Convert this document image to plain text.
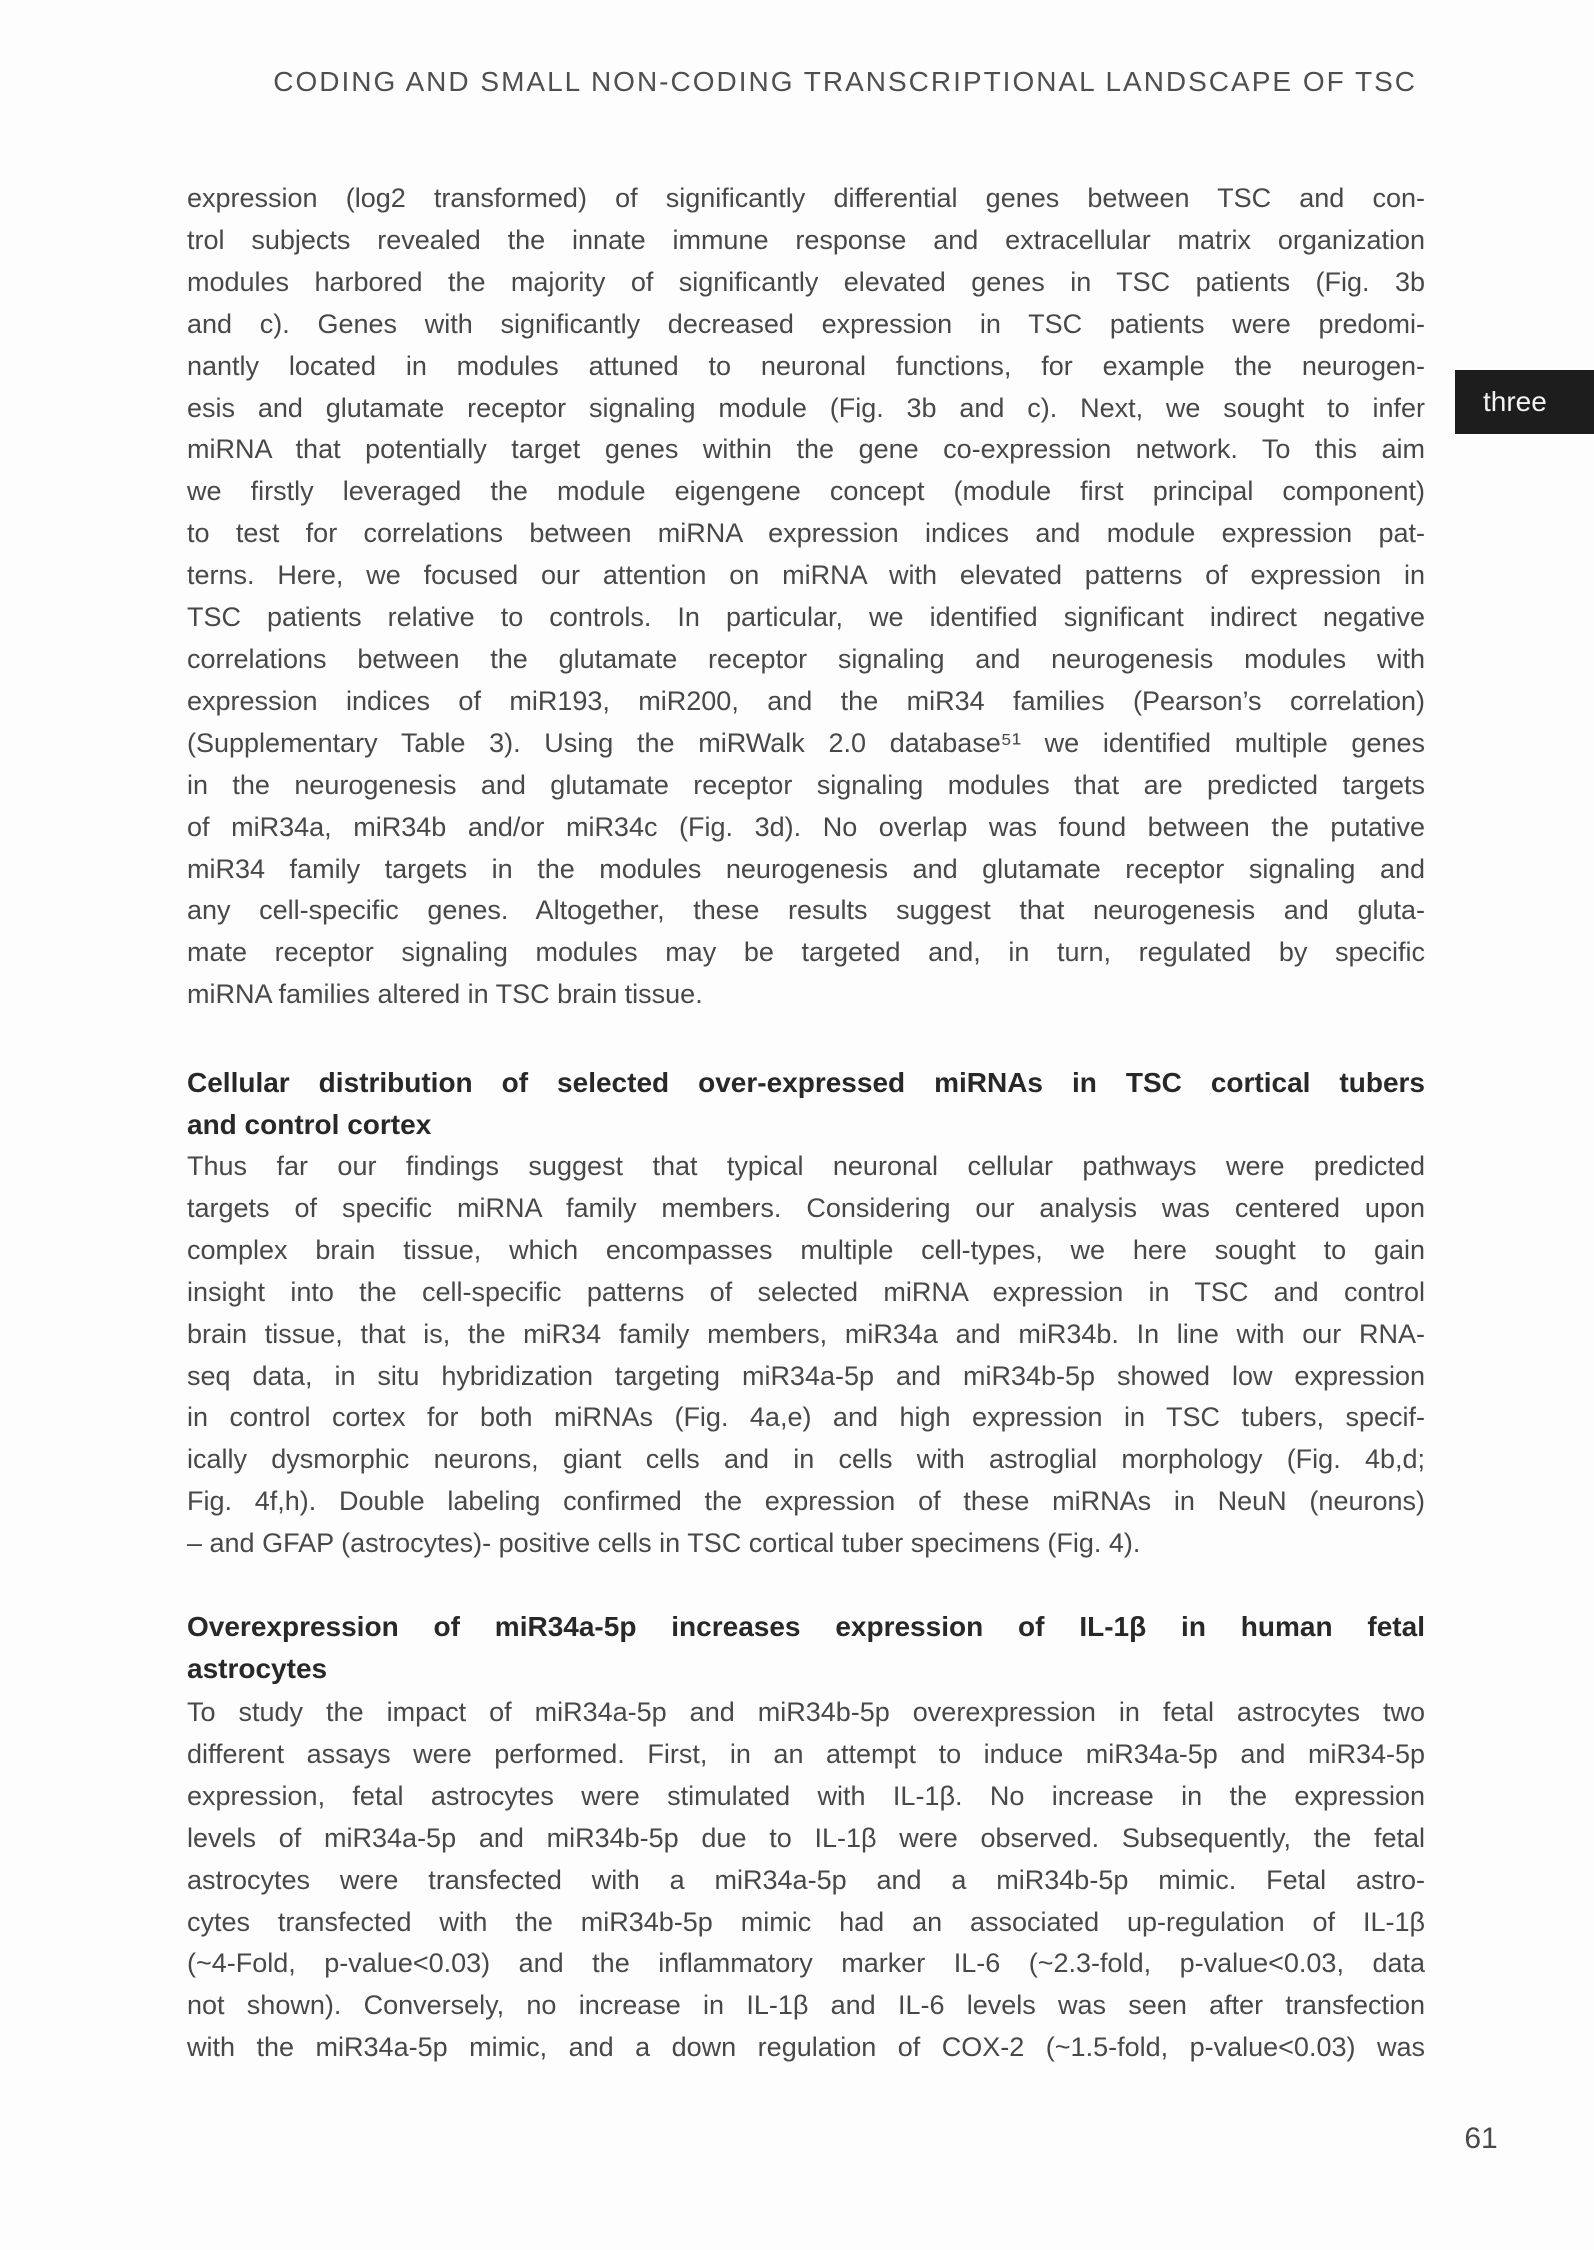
CODING AND SMALL NON-CODING TRANSCRIPTIONAL LANDSCAPE OF TSC
three
expression (log2 transformed) of significantly differential genes between TSC and con-
trol subjects revealed the innate immune response and extracellular matrix organization
modules harbored the majority of significantly elevated genes in TSC patients (Fig. 3b
and c). Genes with significantly decreased expression in TSC patients were predomi-
nantly located in modules attuned to neuronal functions, for example the neurogen-
esis and glutamate receptor signaling module (Fig. 3b and c). Next, we sought to infer
miRNA that potentially target genes within the gene co-expression network. To this aim
we firstly leveraged the module eigengene concept (module first principal component)
to test for correlations between miRNA expression indices and module expression pat-
terns. Here, we focused our attention on miRNA with elevated patterns of expression in
TSC patients relative to controls. In particular, we identified significant indirect negative
correlations between the glutamate receptor signaling and neurogenesis modules with
expression indices of miR193, miR200, and the miR34 families (Pearson’s correlation)
(Supplementary Table 3). Using the miRWalk 2.0 database⁵¹ we identified multiple genes
in the neurogenesis and glutamate receptor signaling modules that are predicted targets
of miR34a, miR34b and/or miR34c (Fig. 3d). No overlap was found between the putative
miR34 family targets in the modules neurogenesis and glutamate receptor signaling and
any cell-specific genes. Altogether, these results suggest that neurogenesis and gluta-
mate receptor signaling modules may be targeted and, in turn, regulated by specific
miRNA families altered in TSC brain tissue.
Cellular distribution of selected over-expressed miRNAs in TSC cortical tubers
and control cortex
Thus far our findings suggest that typical neuronal cellular pathways were predicted
targets of specific miRNA family members. Considering our analysis was centered upon
complex brain tissue, which encompasses multiple cell-types, we here sought to gain
insight into the cell-specific patterns of selected miRNA expression in TSC and control
brain tissue, that is, the miR34 family members, miR34a and miR34b. In line with our RNA-
seq data, in situ hybridization targeting miR34a-5p and miR34b-5p showed low expression
in control cortex for both miRNAs (Fig. 4a,e) and high expression in TSC tubers, specif-
ically dysmorphic neurons, giant cells and in cells with astroglial morphology (Fig. 4b,d;
Fig. 4f,h). Double labeling confirmed the expression of these miRNAs in NeuN (neurons)
– and GFAP (astrocytes)- positive cells in TSC cortical tuber specimens (Fig. 4).
Overexpression of miR34a-5p increases expression of IL-1β in human fetal
astrocytes
To study the impact of miR34a-5p and miR34b-5p overexpression in fetal astrocytes two
different assays were performed. First, in an attempt to induce miR34a-5p and miR34-5p
expression, fetal astrocytes were stimulated with IL-1β. No increase in the expression
levels of miR34a-5p and miR34b-5p due to IL-1β were observed. Subsequently, the fetal
astrocytes were transfected with a miR34a-5p and a miR34b-5p mimic. Fetal astro-
cytes transfected with the miR34b-5p mimic had an associated up-regulation of IL-1β
(~4-Fold, p-value<0.03) and the inflammatory marker IL-6 (~2.3-fold, p-value<0.03, data
not shown). Conversely, no increase in IL-1β and IL-6 levels was seen after transfection
with the miR34a-5p mimic, and a down regulation of COX-2 (~1.5-fold, p-value<0.03) was
61
